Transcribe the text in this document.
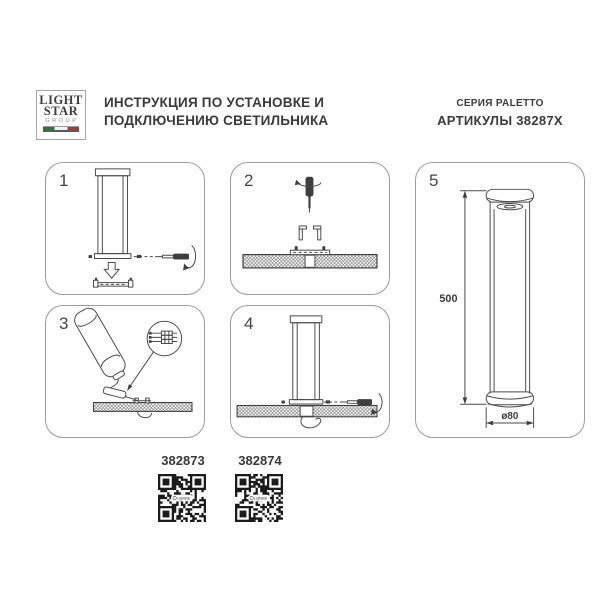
LIGHT
STAR
GROUP
ИНСТРУКЦИЯ ПО УСТАНОВКЕ И
ПОДКЛЮЧЕНИЮ СВЕТИЛЬНИКА
СЕРИЯ PALETTO
АРТИКУЛЫ 38287X
1	2
3	4
500
ø80
5
382873	382874
Lightstar	Lightstar
